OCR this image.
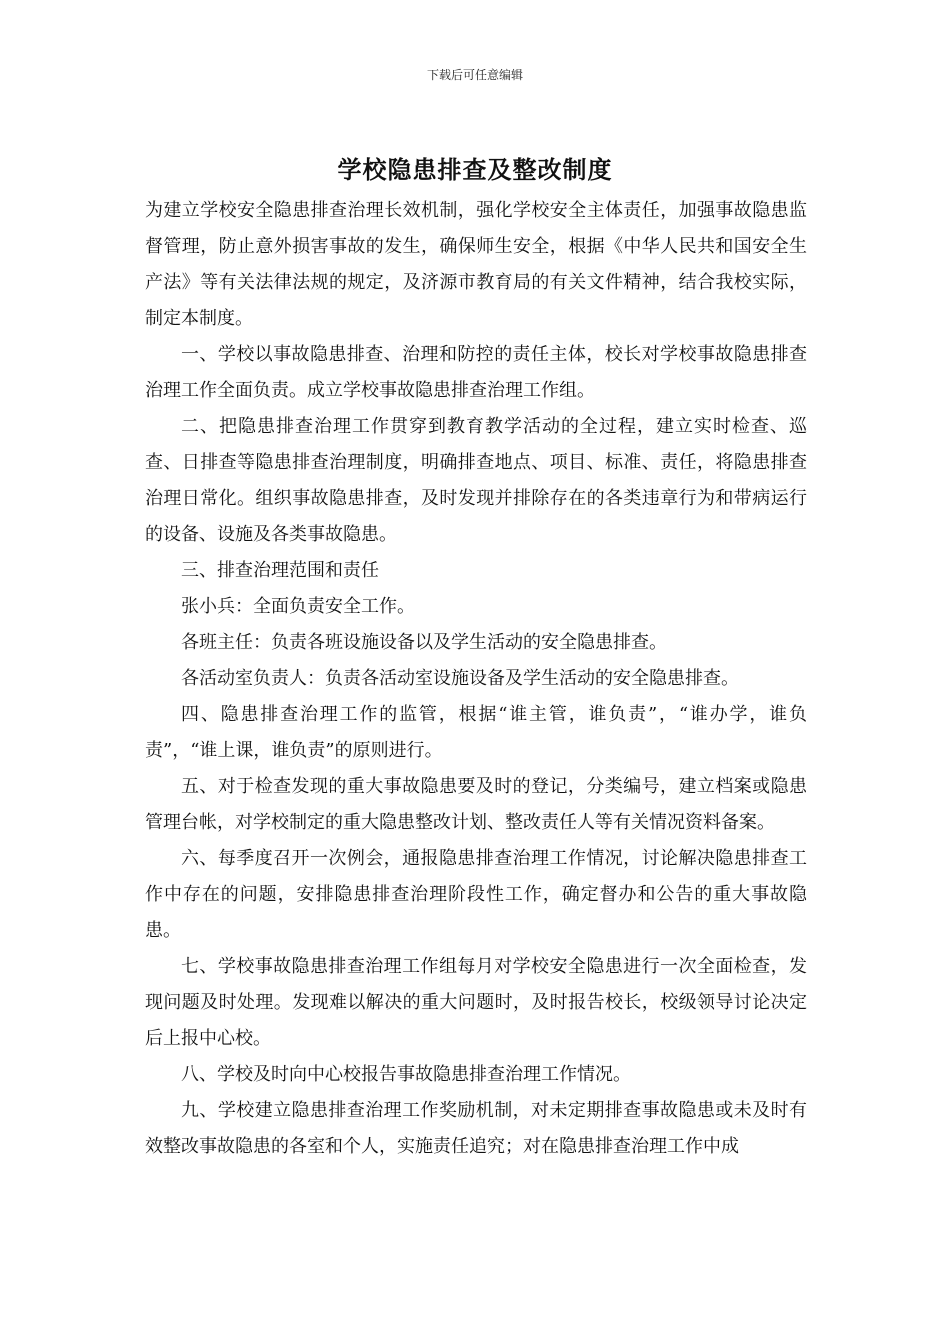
下载后可任意编辑
学校隐患排查及整改制度

为建立学校安全隐患排查治理长效机制，强化学校安全主体责任，加强事故隐患监督管理，防止意外损害事故的发生，确保师生安全，根据《中华人民共和国安全生产法》等有关法律法规的规定，及济源市教育局的有关文件精神，结合我校实际，制定本制度。

一、学校以事故隐患排查、治理和防控的责任主体，校长对学校事故隐患排查治理工作全面负责。成立学校事故隐患排查治理工作组。

二、把隐患排查治理工作贯穿到教育教学活动的全过程，建立实时检查、巡查、日排查等隐患排查治理制度，明确排查地点、项目、标准、责任，将隐患排查治理日常化。组织事故隐患排查，及时发现并排除存在的各类违章行为和带病运行的设备、设施及各类事故隐患。

三、排查治理范围和责任

张小兵：全面负责安全工作。

各班主任：负责各班设施设备以及学生活动的安全隐患排查。

各活动室负责人：负责各活动室设施设备及学生活动的安全隐患排查。

四、隐患排查治理工作的监管，根据“谁主管，谁负责”，“谁办学，谁负责”，“谁上课，谁负责”的原则进行。

五、对于检查发现的重大事故隐患要及时的登记，分类编号，建立档案或隐患管理台帐，对学校制定的重大隐患整改计划、整改责任人等有关情况资料备案。

六、每季度召开一次例会，通报隐患排查治理工作情况，讨论解决隐患排查工作中存在的问题，安排隐患排查治理阶段性工作，确定督办和公告的重大事故隐患。

七、学校事故隐患排查治理工作组每月对学校安全隐患进行一次全面检查，发现问题及时处理。发现难以解决的重大问题时，及时报告校长，校级领导讨论决定后上报中心校。

八、学校及时向中心校报告事故隐患排查治理工作情况。

九、学校建立隐患排查治理工作奖励机制，对未定期排查事故隐患或未及时有效整改事故隐患的各室和个人，实施责任追究；对在隐患排查治理工作中成
